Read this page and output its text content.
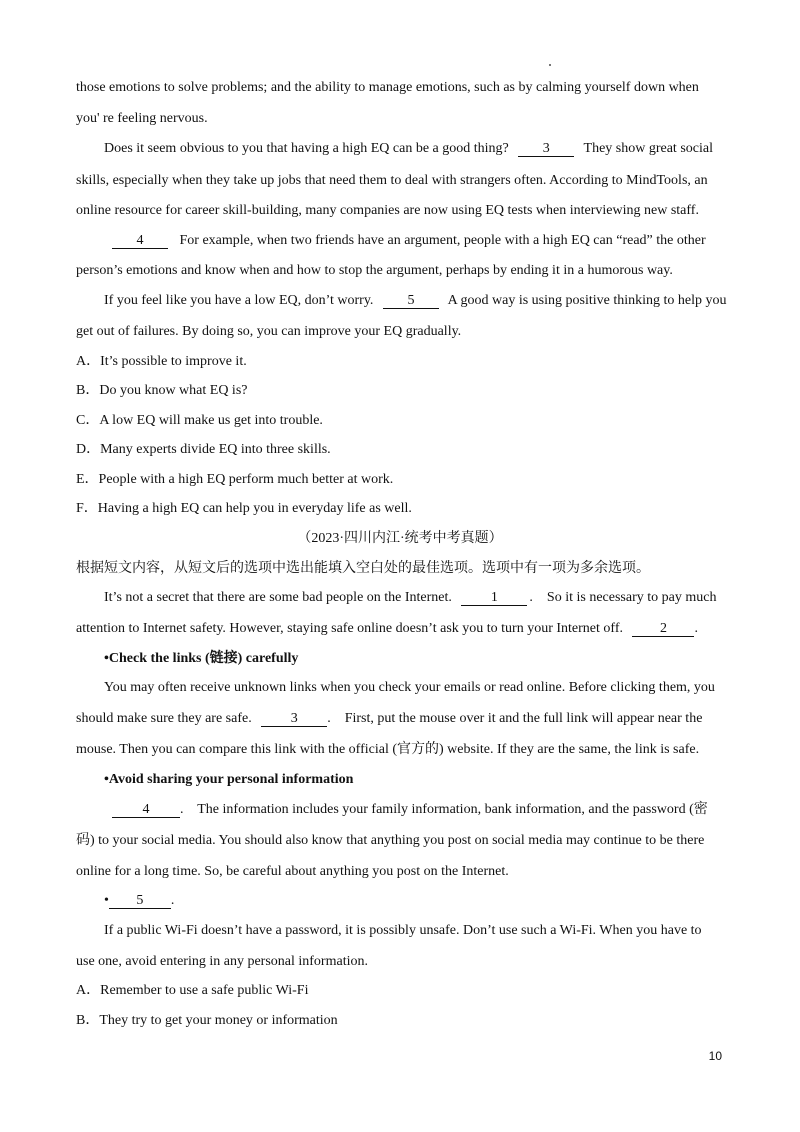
those emotions to solve problems; and the ability to manage emotions, such as by calming yourself down when
you' re feeling nervous.
Does it seem obvious to you that having a high EQ can be a good thing? 3 They show great social
skills, especially when they take up jobs that need them to deal with strangers often. According to MindTools, an
online resource for career skill-building, many companies are now using EQ tests when interviewing new staff.
4	For example, when two friends have an argument, people with a high EQ can “read” the other
person’s emotions and know when and how to stop the argument, perhaps by ending it in a humorous way.
If you feel like you have a low EQ, don’t worry. 5 A good way is using positive thinking to help you
get out of failures. By doing so, you can improve your EQ gradually.
A．It’s possible to improve it.
B．Do you know what EQ is?
C．A low EQ will make us get into trouble.
D．Many experts divide EQ into three skills.
E．People with a high EQ perform much better at work.
F．Having a high EQ can help you in everyday life as well.
（2023·四川内江·统考中考真题）
根据短文内容，从短文后的选项中选出能填入空白处的最佳选项。选项中有一项为多余选项。
It’s not a secret that there are some bad people on the Internet.	1 .    So it is necessary to pay much
attention to Internet safety. However, staying safe online doesn’t ask you to turn your Internet off.	2 .
•Check the links (链接) carefully
You may often receive unknown links when you check your emails or read online. Before clicking them, you
should make sure they are safe.	3 .    First, put the mouse over it and the full link will appear near the
mouse. Then you can compare this link with the official (官方的) website. If they are the same, the link is safe.
•Avoid sharing your personal information
4 .    The information includes your family information, bank information, and the password (密
码) to your social media. You should also know that anything you post on social media may continue to be there
online for a long time. So, be careful about anything you post on the Internet.
• 5 .
If a public Wi-Fi doesn’t have a password, it is possibly unsafe. Don’t use such a Wi-Fi. When you have to
use one, avoid entering in any personal information.
A．Remember to use a safe public Wi-Fi
B．They try to get your money or information
10
